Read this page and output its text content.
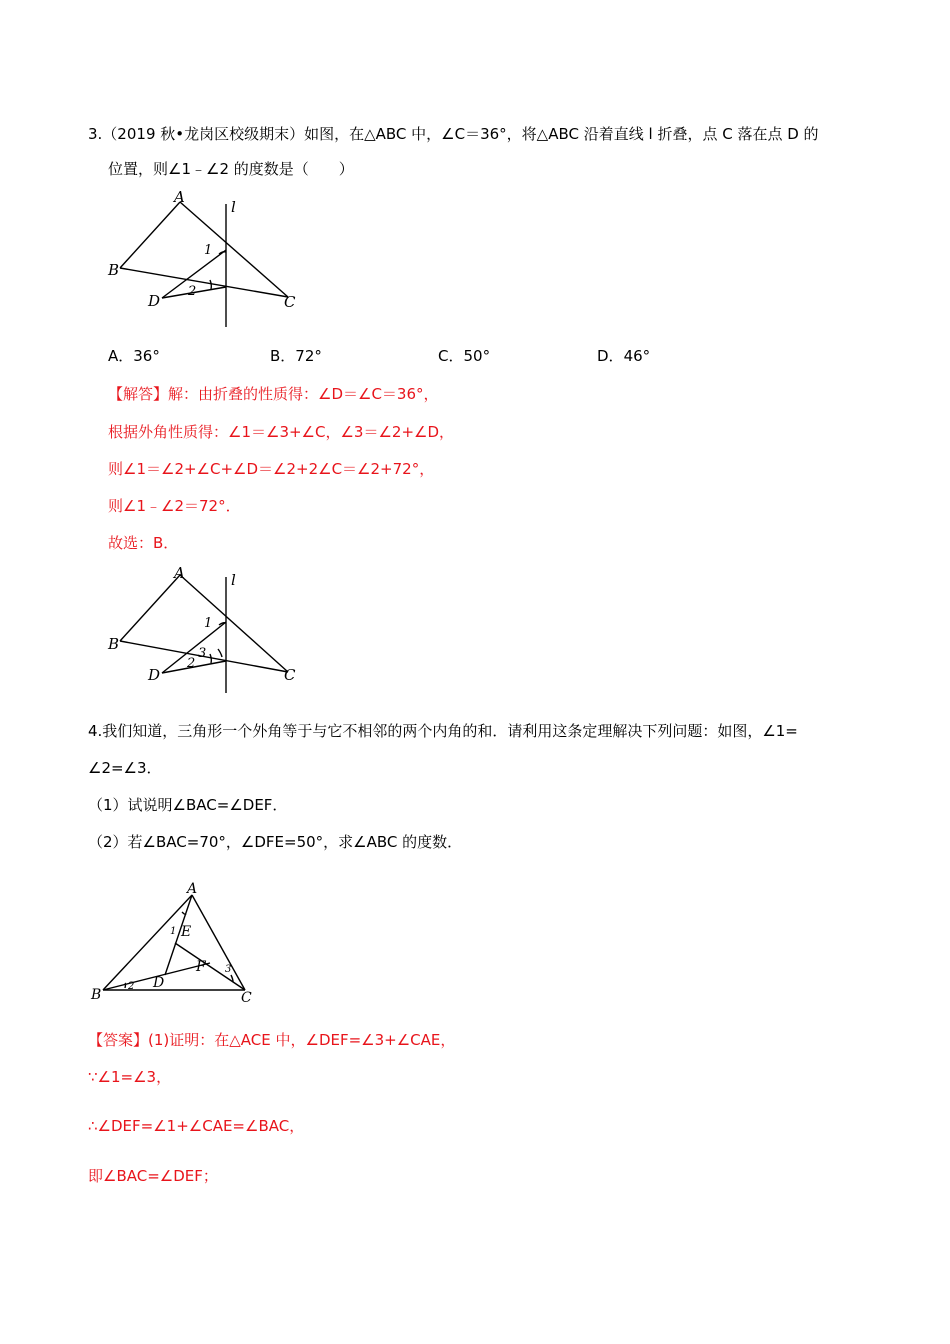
3.（2019 秋•龙岗区校级期末）如图，在△ABC 中，∠C＝36°，将△ABC 沿着直线 l 折叠，点 C 落在点 D 的
位置，则∠1﹣∠2 的度数是（　　）
A
l
B
D	C
1
2
A．36°	B．72°	C．50°	D．46°
【解答】解：由折叠的性质得：∠D＝∠C＝36°，
根据外角性质得：∠1＝∠3+∠C，∠3＝∠2+∠D，
则∠1＝∠2+∠C+∠D＝∠2+2∠C＝∠2+72°，
则∠1﹣∠2＝72°．
故选：B．
A	l
B
D	C
1
2
3
4.我们知道，三角形一个外角等于与它不相邻的两个内角的和．请利用这条定理解决下列问题：如图，∠1=
∠2=∠3．
（1）试说明∠BAC=∠DEF．
（2）若∠BAC=70°，∠DFE=50°，求∠ABC 的度数．
A
B	C
D
E
F
1
2
3
【答案】(1)证明：在△ACE 中，∠DEF=∠3+∠CAE，
∵∠1=∠3，
∴∠DEF=∠1+∠CAE=∠BAC，
即∠BAC=∠DEF；
